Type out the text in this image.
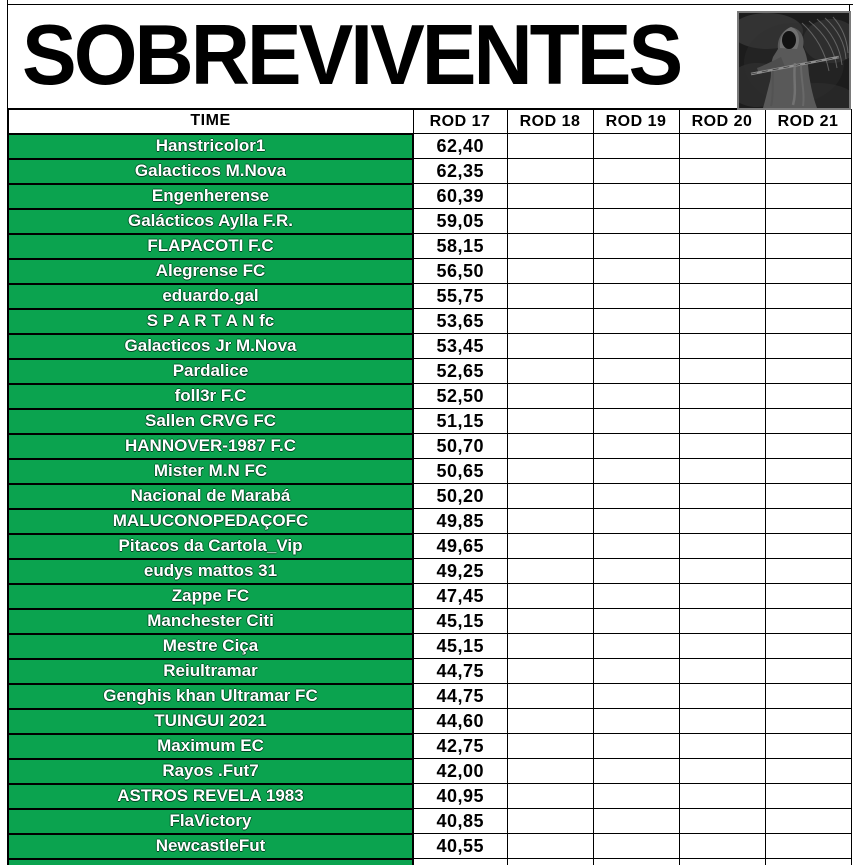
SOBREVIVENTES
TIME	ROD 17	ROD 18	ROD 19	ROD 20	ROD 21
Hanstricolor1	62,40				
Galacticos M.Nova	62,35				
Engenherense	60,39				
Galácticos Aylla F.R.	59,05				
FLAPACOTI F.C	58,15				
Alegrense FC	56,50				
eduardo.gal	55,75				
S P A R T A N fc	53,65				
Galacticos Jr M.Nova	53,45				
Pardalice	52,65				
foll3r F.C	52,50				
Sallen CRVG FC	51,15				
HANNOVER-1987 F.C	50,70				
Mister M.N FC	50,65				
Nacional de Marabá	50,20				
MALUCONOPEDAÇOFC	49,85				
Pitacos da Cartola_Vip	49,65				
eudys mattos 31	49,25				
Zappe FC	47,45				
Manchester Citi	45,15				
Mestre Ciça	45,15				
Reiultramar	44,75				
Genghis khan Ultramar FC	44,75				
TUINGUI 2021	44,60				
Maximum EC	42,75				
Rayos .Fut7	42,00				
ASTROS REVELA 1983	40,95				
FlaVictory	40,85				
NewcastleFut	40,55				
